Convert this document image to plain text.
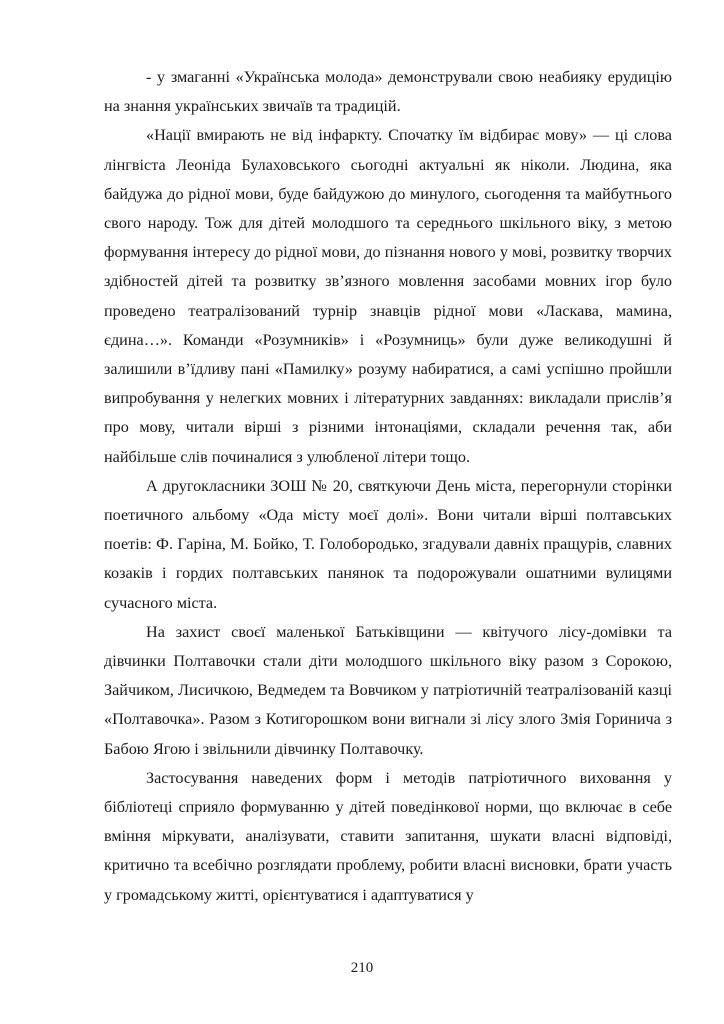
- у змаганні «Українська молода» демонстрували свою неабияку ерудицію на знання українських звичаїв та традицій.

«Нації вмирають не від інфаркту. Спочатку їм відбирає мову» — ці слова лінгвіста Леоніда Булаховського сьогодні актуальні як ніколи. Людина, яка байдужа до рідної мови, буде байдужою до минулого, сьогодення та майбутнього свого народу. Тож для дітей молодшого та середнього шкільного віку, з метою формування інтересу до рідної мови, до пізнання нового у мові, розвитку творчих здібностей дітей та розвитку зв’язного мовлення засобами мовних ігор було проведено театралізований турнір знавців рідної мови «Ласкава, мамина, єдина…». Команди «Розумників» і «Розумниць» були дуже великодушні й залишили в’їдливу пані «Памилку» розуму набиратися, а самі успішно пройшли випробування у нелегких мовних і літературних завданнях: викладали прислів’я про мову, читали вірші з різними інтонаціями, складали речення так, аби найбільше слів починалися з улюбленої літери тощо.

А другокласники ЗОШ № 20, святкуючи День міста, перегорнули сторінки поетичного альбому «Ода місту моєї долі». Вони читали вірші полтавських поетів: Ф. Гаріна, М. Бойко, Т. Голобородько, згадували давніх пращурів, славних козаків і гордих полтавських панянок та подорожували ошатними вулицями сучасного міста.

На захист своєї маленької Батьківщини — квітучого лісу-домівки та дівчинки Полтавочки стали діти молодшого шкільного віку разом з Сорокою, Зайчиком, Лисичкою, Ведмедем та Вовчиком у патріотичній театралізованій казці «Полтавочка». Разом з Котигорошком вони вигнали зі лісу злого Змія Горинича з Бабою Ягою і звільнили дівчинку Полтавочку.

Застосування наведених форм і методів патріотичного виховання у бібліотеці сприяло формуванню у дітей поведінкової норми, що включає в себе вміння міркувати, аналізувати, ставити запитання, шукати власні відповіді, критично та всебічно розглядати проблему, робити власні висновки, брати участь у громадському житті, орієнтуватися і адаптуватися у

210
